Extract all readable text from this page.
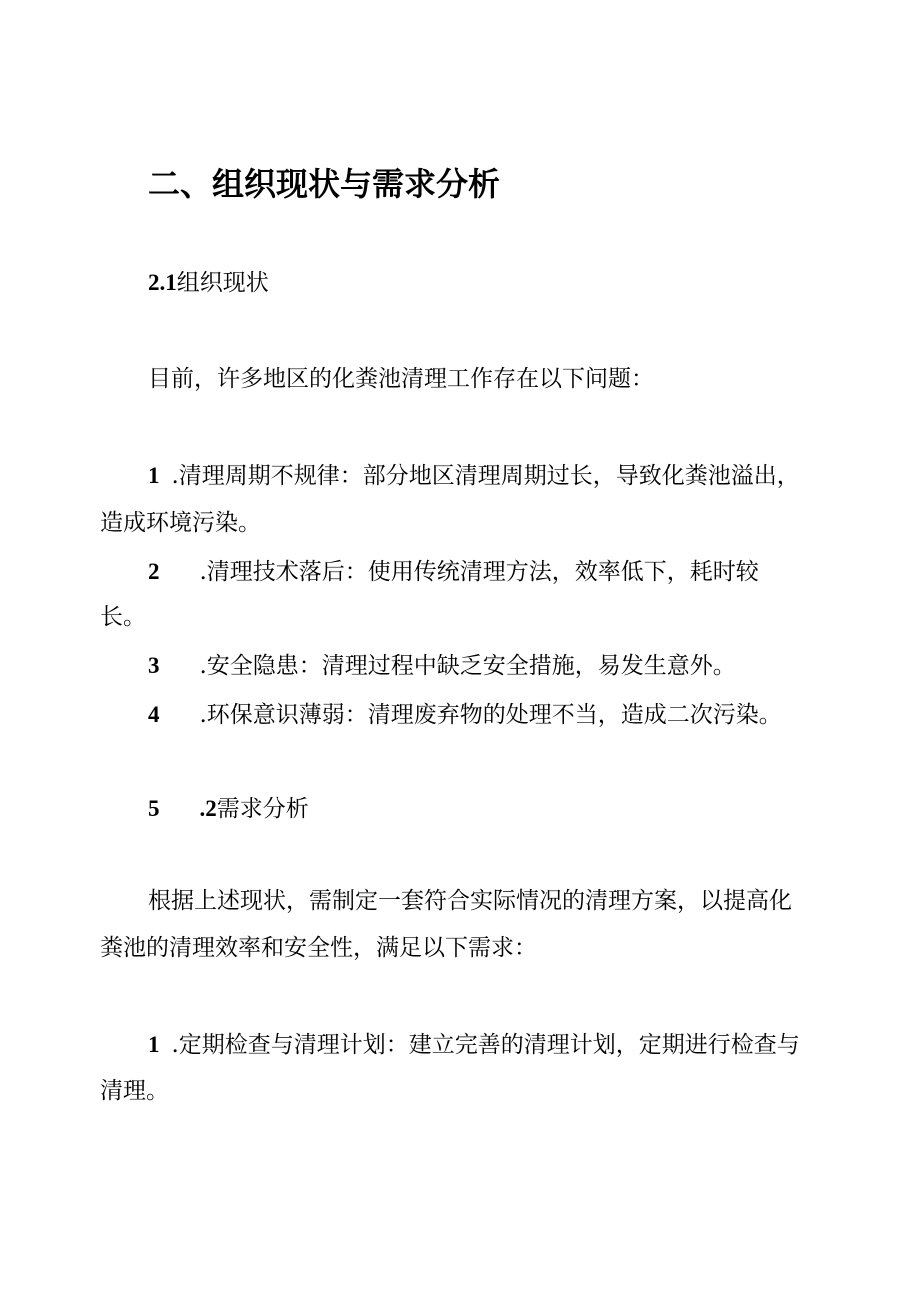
二、组织现状与需求分析
2.1组织现状
目前，许多地区的化粪池清理工作存在以下问题：
1 .清理周期不规律：部分地区清理周期过长，导致化粪池溢出，
造成环境污染。
2 .清理技术落后：使用传统清理方法，效率低下，耗时较
长。
3 .安全隐患：清理过程中缺乏安全措施，易发生意外。
4 .环保意识薄弱：清理废弃物的处理不当，造成二次污染。
5 .2需求分析
根据上述现状，需制定一套符合实际情况的清理方案，以提高化
粪池的清理效率和安全性，满足以下需求：
1 .定期检查与清理计划：建立完善的清理计划，定期进行检查与
清理。
